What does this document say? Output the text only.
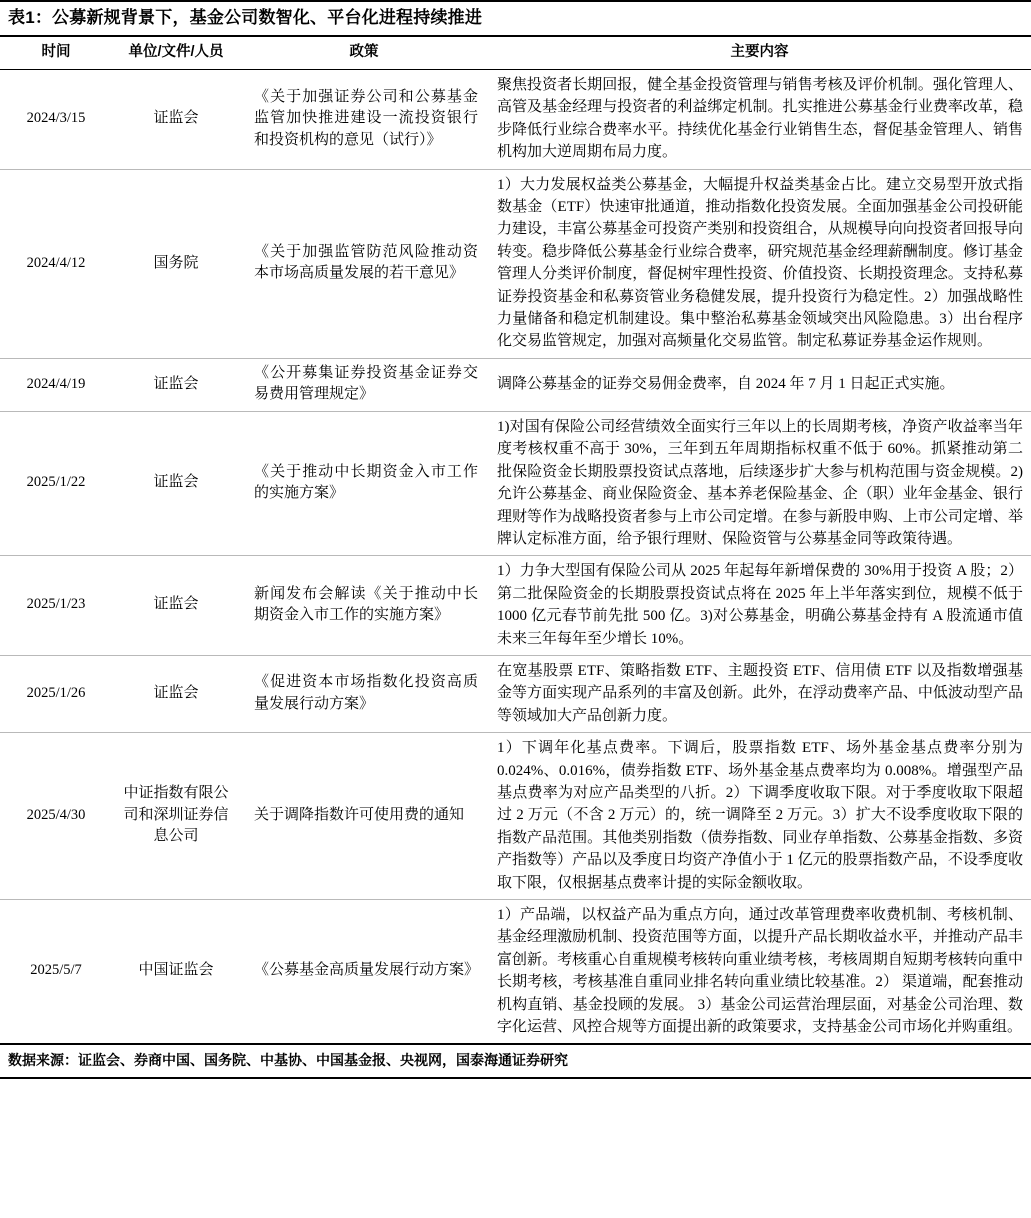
表1：公募新规背景下，基金公司数智化、平台化进程持续推进
时间	单位/文件/人员	政策	主要内容
2024/3/15	证监会	《关于加强证券公司和公募基金监管加快推进建设一流投资银行和投资机构的意见（试行）》	聚焦投资者长期回报，健全基金投资管理与销售考核及评价机制。强化管理人、高管及基金经理与投资者的利益绑定机制。扎实推进公募基金行业费率改革，稳步降低行业综合费率水平。持续优化基金行业销售生态，督促基金管理人、销售机构加大逆周期布局力度。
2024/4/12	国务院	《关于加强监管防范风险推动资本市场高质量发展的若干意见》	1）大力发展权益类公募基金，大幅提升权益类基金占比。建立交易型开放式指数基金（ETF）快速审批通道，推动指数化投资发展。全面加强基金公司投研能力建设，丰富公募基金可投资产类别和投资组合，从规模导向向投资者回报导向转变。稳步降低公募基金行业综合费率，研究规范基金经理薪酬制度。修订基金管理人分类评价制度，督促树牢理性投资、价值投资、长期投资理念。支持私募证券投资基金和私募资管业务稳健发展，提升投资行为稳定性。2）加强战略性力量储备和稳定机制建设。集中整治私募基金领域突出风险隐患。3）出台程序化交易监管规定，加强对高频量化交易监管。制定私募证券基金运作规则。
2024/4/19	证监会	《公开募集证券投资基金证券交易费用管理规定》	调降公募基金的证券交易佣金费率，自 2024 年 7 月 1 日起正式实施。
2025/1/22	证监会	《关于推动中长期资金入市工作的实施方案》	1)对国有保险公司经营绩效全面实行三年以上的长周期考核，净资产收益率当年度考核权重不高于 30%，三年到五年周期指标权重不低于 60%。抓紧推动第二批保险资金长期股票投资试点落地，后续逐步扩大参与机构范围与资金规模。2)允许公募基金、商业保险资金、基本养老保险基金、企（职）业年金基金、银行理财等作为战略投资者参与上市公司定增。在参与新股申购、上市公司定增、举牌认定标准方面，给予银行理财、保险资管与公募基金同等政策待遇。
2025/1/23	证监会	新闻发布会解读《关于推动中长期资金入市工作的实施方案》	1）力争大型国有保险公司从 2025 年起每年新增保费的 30%用于投资 A 股；2）第二批保险资金的长期股票投资试点将在 2025 年上半年落实到位，规模不低于 1000 亿元春节前先批 500 亿。3)对公募基金，明确公募基金持有 A 股流通市值未来三年每年至少增长 10%。
2025/1/26	证监会	《促进资本市场指数化投资高质量发展行动方案》	在宽基股票 ETF、策略指数 ETF、主题投资 ETF、信用债 ETF 以及指数增强基金等方面实现产品系列的丰富及创新。此外，在浮动费率产品、中低波动型产品等领域加大产品创新力度。
2025/4/30	中证指数有限公司和深圳证券信息公司	关于调降指数许可使用费的通知	1）下调年化基点费率。下调后，股票指数 ETF、场外基金基点费率分别为 0.024%、0.016%，债券指数 ETF、场外基金基点费率均为 0.008%。增强型产品基点费率为对应产品类型的八折。2）下调季度收取下限。对于季度收取下限超过 2 万元（不含 2 万元）的，统一调降至 2 万元。3）扩大不设季度收取下限的指数产品范围。其他类别指数（债券指数、同业存单指数、公募基金指数、多资产指数等）产品以及季度日均资产净值小于 1 亿元的股票指数产品，不设季度收取下限，仅根据基点费率计提的实际金额收取。
2025/5/7	中国证监会	《公募基金高质量发展行动方案》	1）产品端，以权益产品为重点方向，通过改革管理费率收费机制、考核机制、基金经理激励机制、投资范围等方面，以提升产品长期收益水平，并推动产品丰富创新。考核重心自重规模考核转向重业绩考核，考核周期自短期考核转向重中长期考核，考核基准自重同业排名转向重业绩比较基准。2） 渠道端，配套推动机构直销、基金投顾的发展。 3）基金公司运营治理层面，对基金公司治理、数字化运营、风控合规等方面提出新的政策要求，支持基金公司市场化并购重组。
数据来源：证监会、券商中国、国务院、中基协、中国基金报、央视网，国泰海通证券研究
